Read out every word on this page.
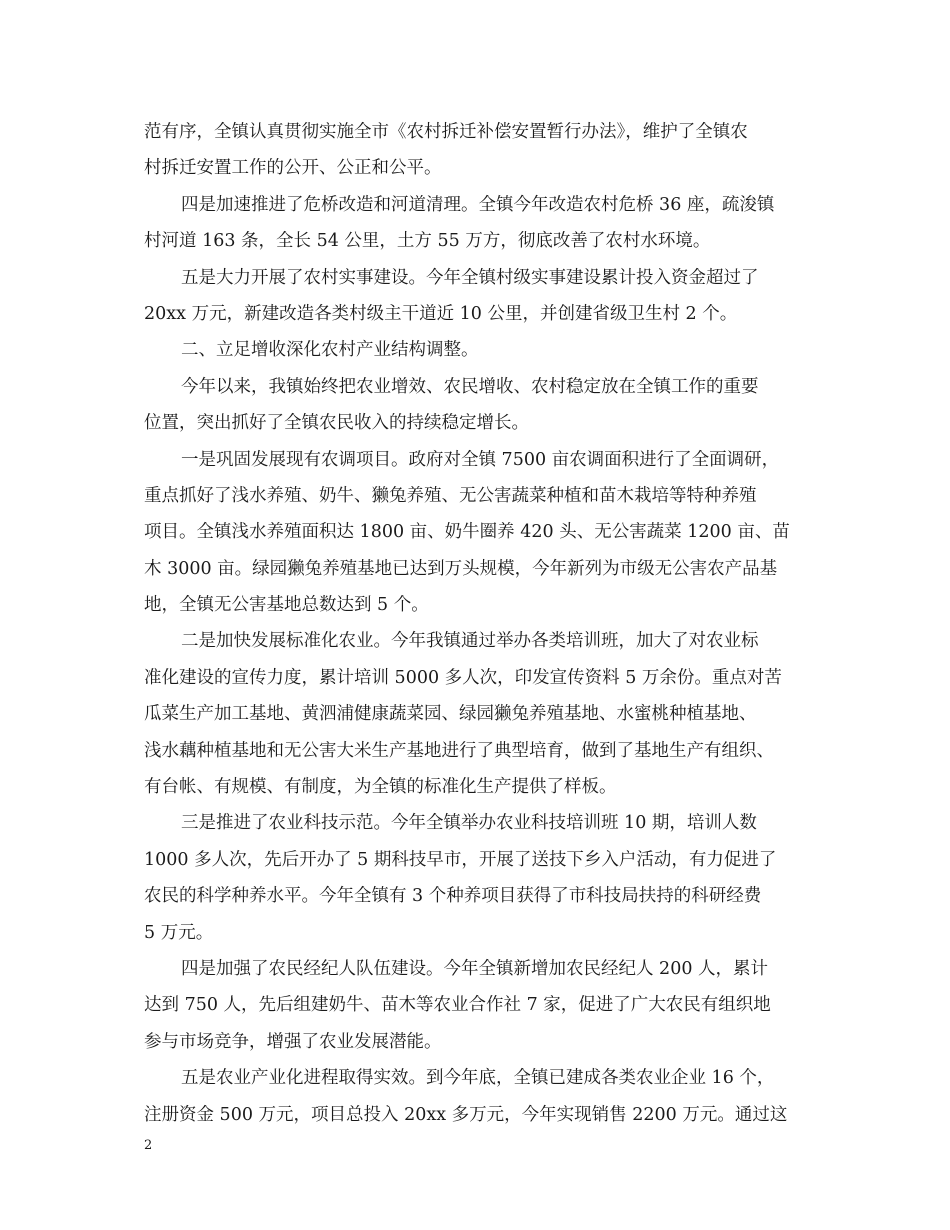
范有序，全镇认真贯彻实施全市《农村拆迁补偿安置暂行办法》，维护了全镇农
村拆迁安置工作的公开、公正和公平。
四是加速推进了危桥改造和河道清理。全镇今年改造农村危桥 36 座，疏浚镇
村河道 163 条，全长 54 公里，土方 55 万方，彻底改善了农村水环境。
五是大力开展了农村实事建设。今年全镇村级实事建设累计投入资金超过了
20xx 万元，新建改造各类村级主干道近 10 公里，并创建省级卫生村 2 个。
二、立足增收深化农村产业结构调整。
今年以来，我镇始终把农业增效、农民增收、农村稳定放在全镇工作的重要
位置，突出抓好了全镇农民收入的持续稳定增长。
一是巩固发展现有农调项目。政府对全镇 7500 亩农调面积进行了全面调研，
重点抓好了浅水养殖、奶牛、獭兔养殖、无公害蔬菜种植和苗木栽培等特种养殖
项目。全镇浅水养殖面积达 1800 亩、奶牛圈养 420 头、无公害蔬菜 1200 亩、苗
木 3000 亩。绿园獭兔养殖基地已达到万头规模，今年新列为市级无公害农产品基
地，全镇无公害基地总数达到 5 个。
二是加快发展标准化农业。今年我镇通过举办各类培训班，加大了对农业标
准化建设的宣传力度，累计培训 5000 多人次，印发宣传资料 5 万余份。重点对苦
瓜菜生产加工基地、黄泗浦健康蔬菜园、绿园獭兔养殖基地、水蜜桃种植基地、
浅水藕种植基地和无公害大米生产基地进行了典型培育，做到了基地生产有组织、
有台帐、有规模、有制度，为全镇的标准化生产提供了样板。
三是推进了农业科技示范。今年全镇举办农业科技培训班 10 期，培训人数
1000 多人次，先后开办了 5 期科技早市，开展了送技下乡入户活动，有力促进了
农民的科学种养水平。今年全镇有 3 个种养项目获得了市科技局扶持的科研经费
5 万元。
四是加强了农民经纪人队伍建设。今年全镇新增加农民经纪人 200 人，累计
达到 750 人，先后组建奶牛、苗木等农业合作社 7 家，促进了广大农民有组织地
参与市场竞争，增强了农业发展潜能。
五是农业产业化进程取得实效。到今年底，全镇已建成各类农业企业 16 个，
注册资金 500 万元，项目总投入 20xx 多万元，今年实现销售 2200 万元。通过这
2
